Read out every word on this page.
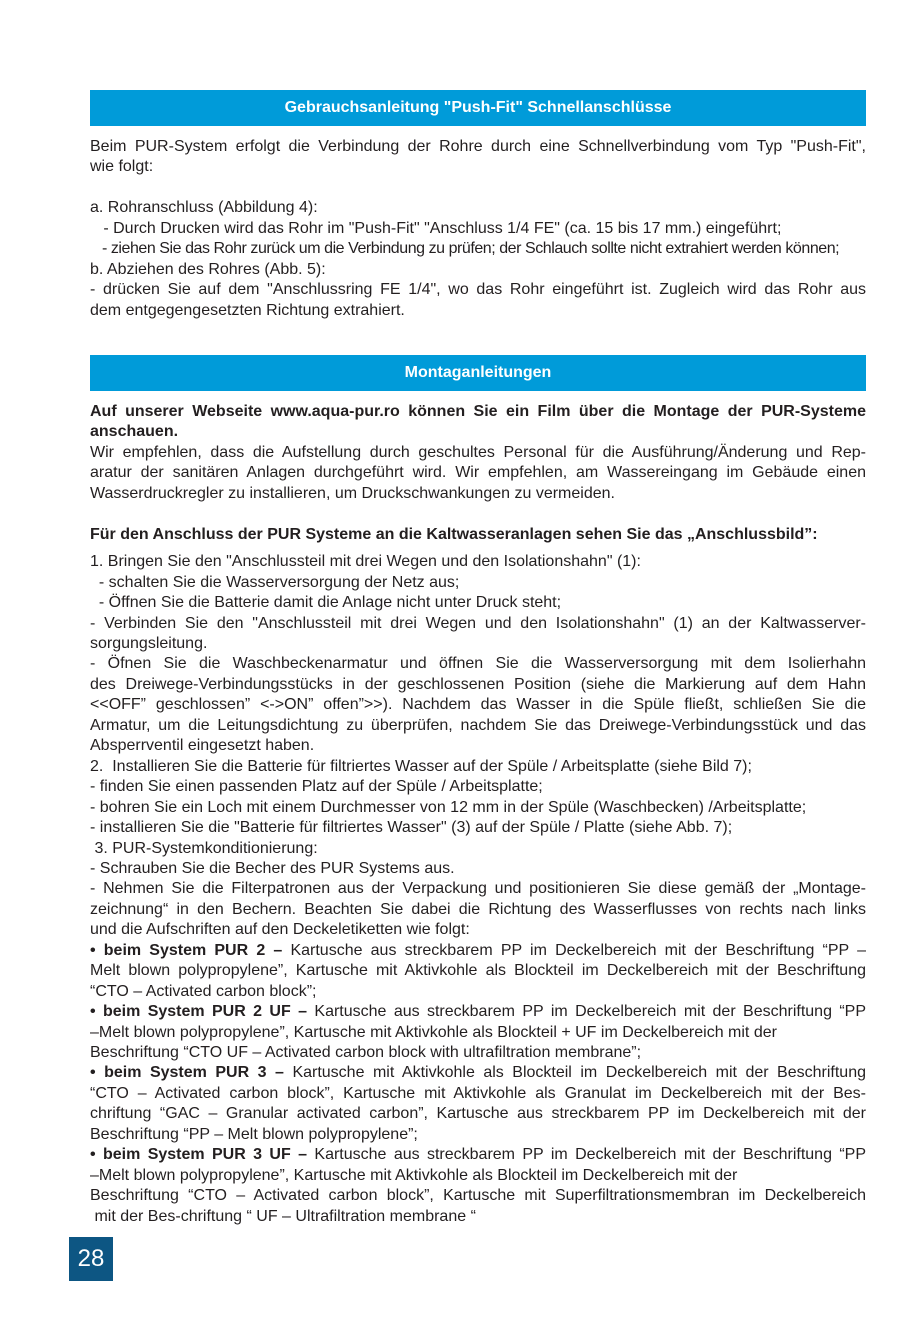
Gebrauchsanleitung "Push-Fit" Schnellanschlüsse
Beim PUR-System erfolgt die Verbindung der Rohre durch eine Schnellverbindung vom Typ "Push-Fit",
wie folgt:
a. Rohranschluss (Abbildung 4):
- Durch Drucken wird das Rohr im "Push-Fit" "Anschluss 1/4 FE" (ca. 15 bis 17 mm.) eingeführt;
- ziehen Sie das Rohr zurück um die Verbindung zu prüfen; der Schlauch sollte nicht extrahiert werden können;
b. Abziehen des Rohres (Abb. 5):
- drücken Sie auf dem "Anschlussring FE 1/4", wo das Rohr eingeführt ist. Zugleich wird das Rohr aus
dem entgegengesetzten Richtung extrahiert.
Montaganleitungen
Auf unserer Webseite www.aqua-pur.ro können Sie ein Film über die Montage der PUR-Systeme
anschauen.
Wir empfehlen, dass die Aufstellung durch geschultes Personal für die Ausführung/Änderung und Rep-
aratur der sanitären Anlagen durchgeführt wird. Wir empfehlen, am Wassereingang im Gebäude einen
Wasserdruckregler zu installieren, um Druckschwankungen zu vermeiden.
Für den Anschluss der PUR Systeme an die Kaltwasseranlagen sehen Sie das „Anschlussbild”:
1. Bringen Sie den "Anschlussteil mit drei Wegen und den Isolationshahn" (1):
- schalten Sie die Wasserversorgung der Netz aus;
- Öffnen Sie die Batterie damit die Anlage nicht unter Druck steht;
- Verbinden Sie den "Anschlussteil mit drei Wegen und den Isolationshahn" (1) an der Kaltwasserver-
sorgungsleitung.
- Öfnen Sie die Waschbeckenarmatur und öffnen Sie die Wasserversorgung mit dem Isolierhahn
des Dreiwege-Verbindungsstücks in der geschlossenen Position (siehe die Markierung auf dem Hahn
<<OFF” geschlossen” <->ON” offen”>>). Nachdem das Wasser in die Spüle fließt, schließen Sie die
Armatur, um die Leitungsdichtung zu überprüfen, nachdem Sie das Dreiwege-Verbindungsstück und das
Absperrventil eingesetzt haben.
2.  Installieren Sie die Batterie für filtriertes Wasser auf der Spüle / Arbeitsplatte (siehe Bild 7);
- finden Sie einen passenden Platz auf der Spüle / Arbeitsplatte;
- bohren Sie ein Loch mit einem Durchmesser von 12 mm in der Spüle (Waschbecken) /Arbeitsplatte;
- installieren Sie die "Batterie für filtriertes Wasser" (3) auf der Spüle / Platte (siehe Abb. 7);
3. PUR-Systemkonditionierung:
- Schrauben Sie die Becher des PUR Systems aus.
- Nehmen Sie die Filterpatronen aus der Verpackung und positionieren Sie diese gemäß der „Montage-
zeichnung“ in den Bechern. Beachten Sie dabei die Richtung des Wasserflusses von rechts nach links
und die Aufschriften auf den Deckeletiketten wie folgt:
• beim System PUR 2 – Kartusche aus streckbarem PP im Deckelbereich mit der Beschriftung “PP –
Melt blown polypropylene”, Kartusche mit Aktivkohle als Blockteil im Deckelbereich mit der Beschriftung
“CTO – Activated carbon block”;
• beim System PUR 2 UF – Kartusche aus streckbarem PP im Deckelbereich mit der Beschriftung “PP
–Melt blown polypropylene”, Kartusche mit Aktivkohle als Blockteil + UF im Deckelbereich mit der
Beschriftung “CTO UF – Activated carbon block with ultrafiltration membrane”;
• beim System PUR 3 – Kartusche mit Aktivkohle als Blockteil im Deckelbereich mit der Beschriftung
“CTO – Activated carbon block”, Kartusche mit Aktivkohle als Granulat im Deckelbereich mit der Bes-
chriftung “GAC – Granular activated carbon”, Kartusche aus streckbarem PP im Deckelbereich mit der
Beschriftung “PP – Melt blown polypropylene”;
• beim System PUR 3 UF – Kartusche aus streckbarem PP im Deckelbereich mit der Beschriftung “PP
–Melt blown polypropylene”, Kartusche mit Aktivkohle als Blockteil im Deckelbereich mit der
Beschriftung “CTO – Activated carbon block”, Kartusche mit Superfiltrationsmembran im Deckelbereich
mit der Bes-chriftung “ UF – Ultrafiltration membrane “
28
